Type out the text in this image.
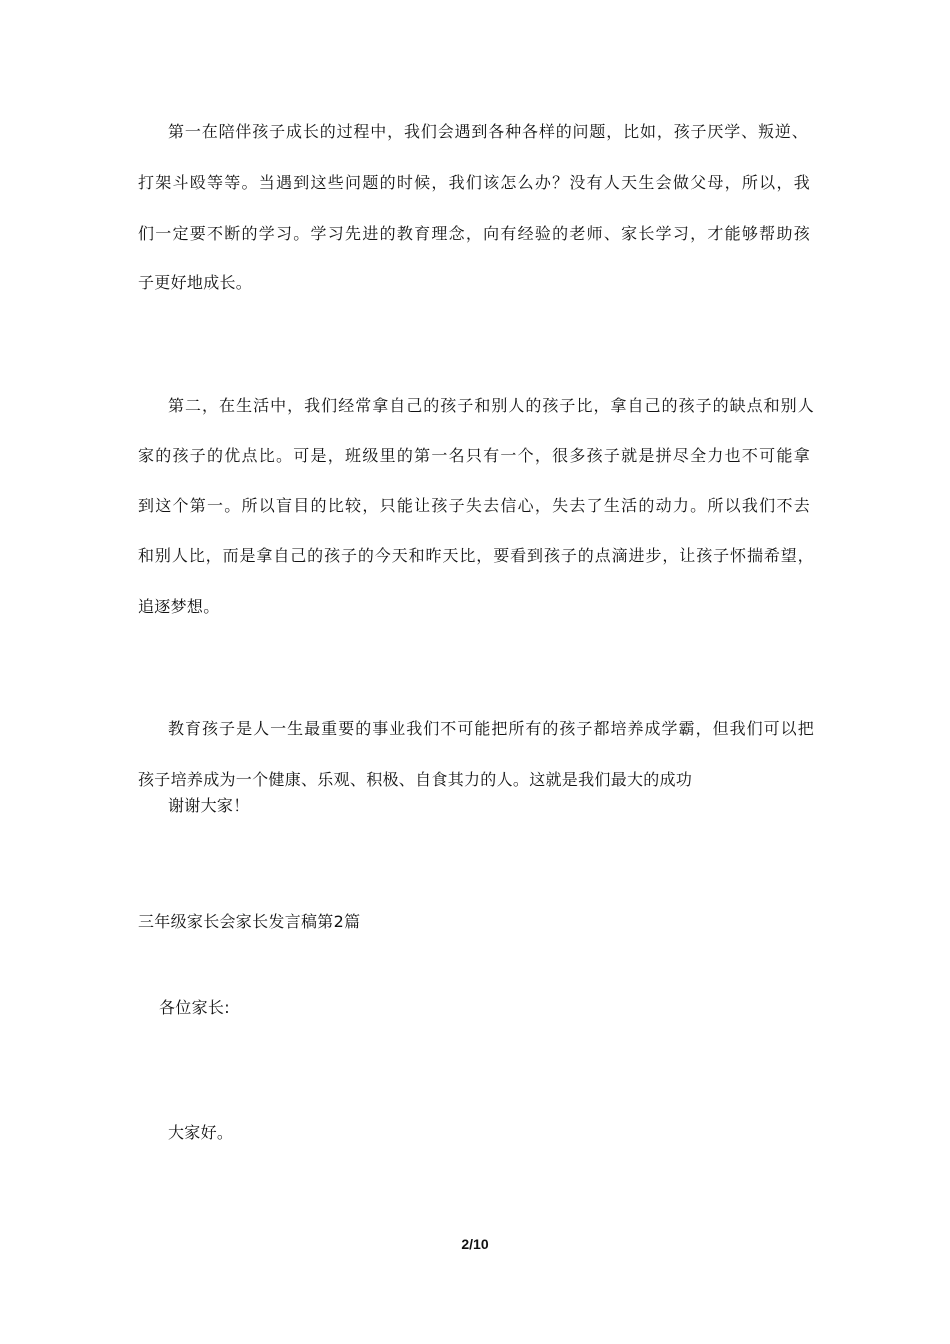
第一在陪伴孩子成长的过程中，我们会遇到各种各样的问题，比如，孩子厌学、叛逆、
打架斗殴等等。当遇到这些问题的时候，我们该怎么办？没有人天生会做父母，所以，我
们一定要不断的学习。学习先进的教育理念，向有经验的老师、家长学习，才能够帮助孩
子更好地成长。
第二，在生活中，我们经常拿自己的孩子和别人的孩子比，拿自己的孩子的缺点和别人
家的孩子的优点比。可是，班级里的第一名只有一个，很多孩子就是拼尽全力也不可能拿
到这个第一。所以盲目的比较，只能让孩子失去信心，失去了生活的动力。所以我们不去
和别人比，而是拿自己的孩子的今天和昨天比，要看到孩子的点滴进步，让孩子怀揣希望，
追逐梦想。
教育孩子是人一生最重要的事业我们不可能把所有的孩子都培养成学霸，但我们可以把
孩子培养成为一个健康、乐观、积极、自食其力的人。这就是我们最大的成功
谢谢大家！
三年级家长会家长发言稿第2篇
各位家长:
大家好。
2/10
